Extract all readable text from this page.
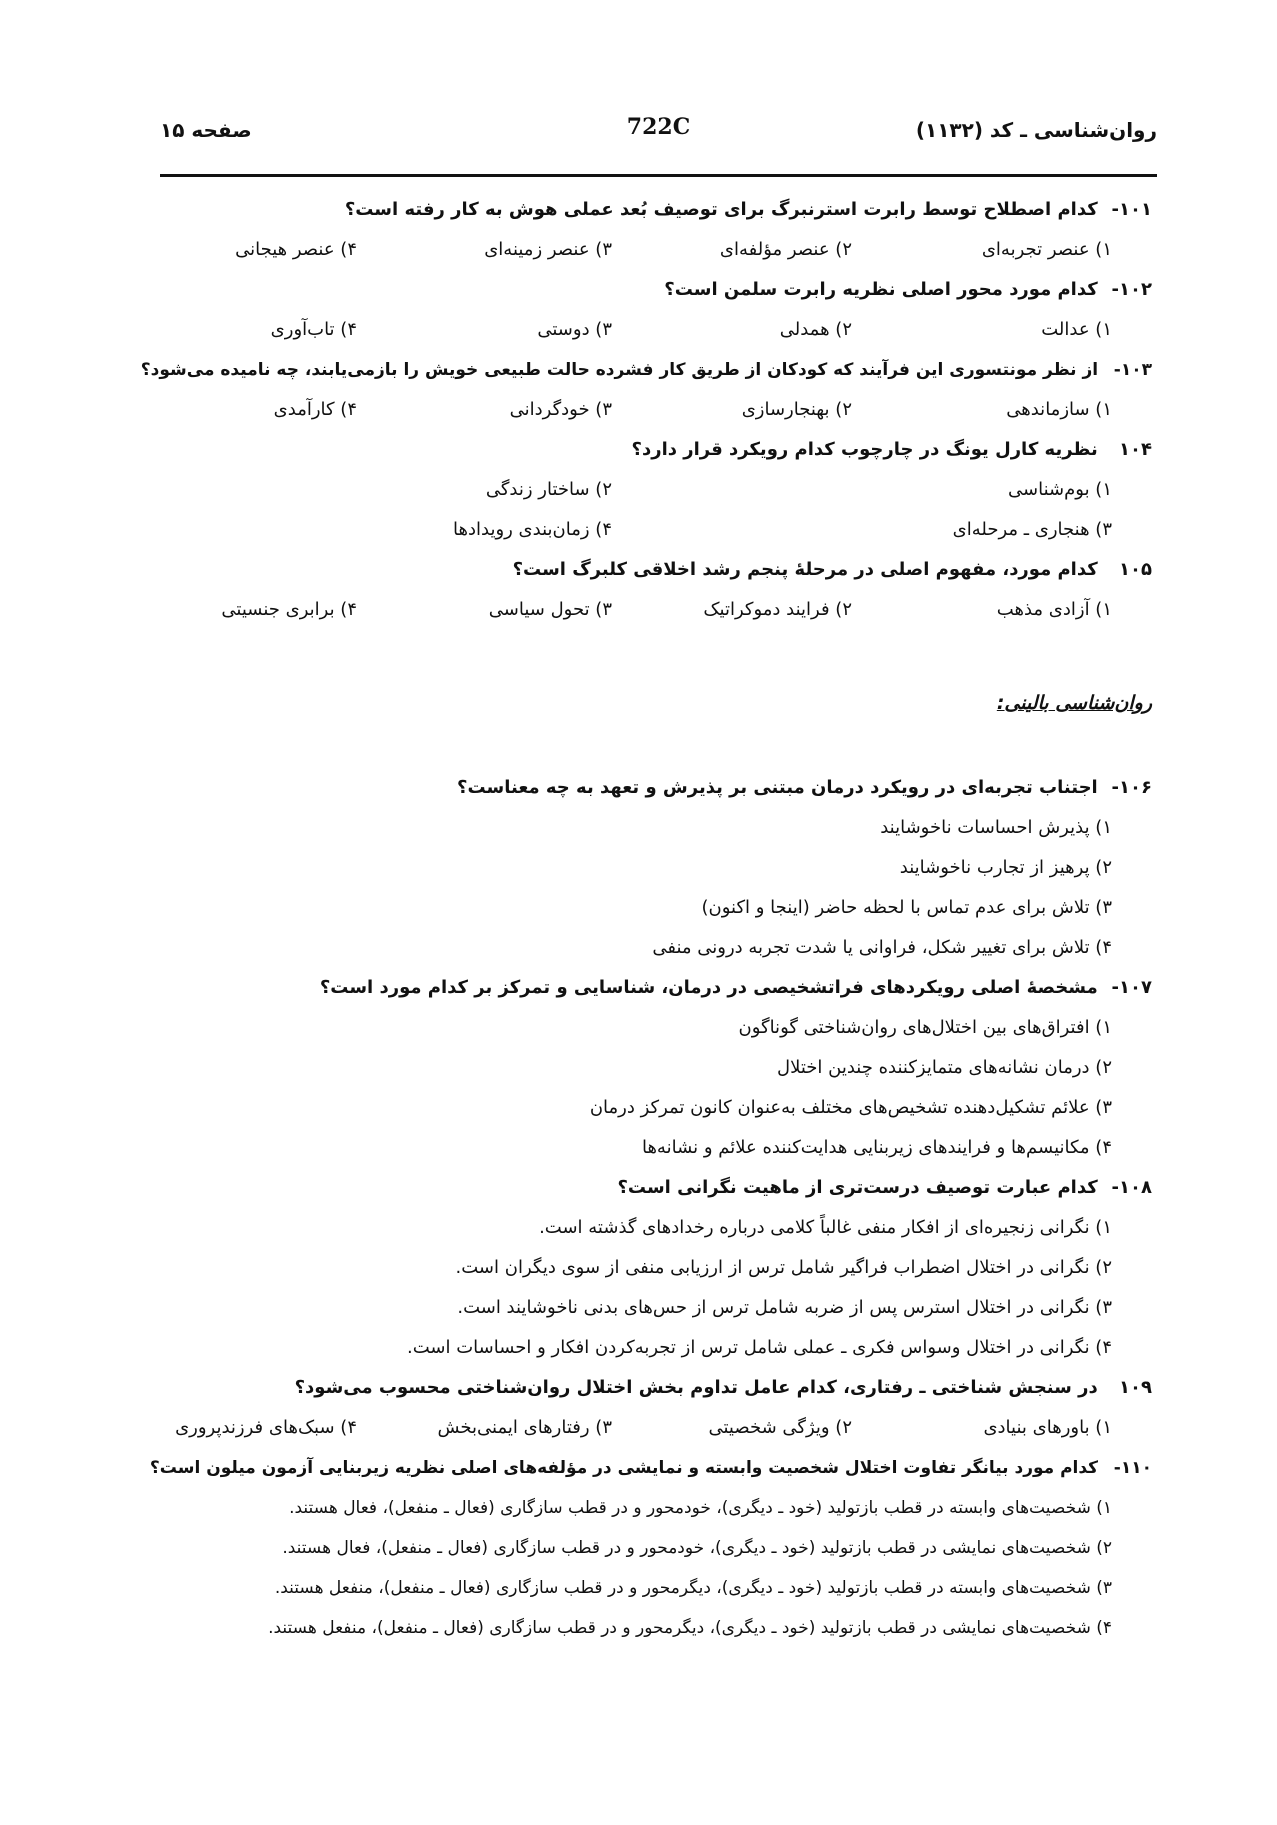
روان‌شناسی ـ کد (۱۱۳۲)
722C
صفحه ۱۵
۱۰۱- کدام اصطلاح توسط رابرت استرنبرگ برای توصیف بُعد عملی هوش به کار رفته است؟
۱) عنصر تجربه‌ای
۲) عنصر مؤلفه‌ای
۳) عنصر زمینه‌ای
۴) عنصر هیجانی
۱۰۲- کدام مورد محور اصلی نظریه رابرت سلمن است؟
۱) عدالت
۲) همدلی
۳) دوستی
۴) تاب‌آوری
۱۰۳- از نظر مونتسوری این فرآیند که کودکان از طریق کار فشرده حالت طبیعی خویش را بازمی‌یابند، چه نامیده می‌شود؟
۱) سازماندهی
۲) بهنجارسازی
۳) خودگردانی
۴) کارآمدی
۱۰۴ نظریه کارل یونگ در چارچوب کدام رویکرد قرار دارد؟
۱) بوم‌شناسی
۲) ساختار زندگی
۳) هنجاری ـ مرحله‌ای
۴) زمان‌بندی رویدادها
۱۰۵ کدام مورد، مفهوم اصلی در مرحلهٔ پنجم رشد اخلاقی کلبرگ است؟
۱) آزادی مذهب
۲) فرایند دموکراتیک
۳) تحول سیاسی
۴) برابری جنسیتی
روان‌شناسی بالینی:
۱۰۶- اجتناب تجربه‌ای در رویکرد درمان مبتنی بر پذیرش و تعهد به چه معناست؟
۱) پذیرش احساسات ناخوشایند
۲) پرهیز از تجارب ناخوشایند
۳) تلاش برای عدم تماس با لحظه حاضر (اینجا و اکنون)
۴) تلاش برای تغییر شکل، فراوانی یا شدت تجربه درونی منفی
۱۰۷- مشخصهٔ اصلی رویکردهای فراتشخیصی در درمان، شناسایی و تمرکز بر کدام مورد است؟
۱) افتراق‌های بین اختلال‌های روان‌شناختی گوناگون
۲) درمان نشانه‌های متمایزکننده چندین اختلال
۳) علائم تشکیل‌دهنده تشخیص‌های مختلف به‌عنوان کانون تمرکز درمان
۴) مکانیسم‌ها و فرایندهای زیربنایی هدایت‌کننده علائم و نشانه‌ها
۱۰۸- کدام عبارت توصیف درست‌تری از ماهیت نگرانی است؟
۱) نگرانی زنجیره‌ای از افکار منفی غالباً کلامی درباره رخدادهای گذشته است.
۲) نگرانی در اختلال اضطراب فراگیر شامل ترس از ارزیابی منفی از سوی دیگران است.
۳) نگرانی در اختلال استرس پس از ضربه شامل ترس از حس‌های بدنی ناخوشایند است.
۴) نگرانی در اختلال وسواس فکری ـ عملی شامل ترس از تجربه‌کردن افکار و احساسات است.
۱۰۹ در سنجش شناختی ـ رفتاری، کدام عامل تداوم بخش اختلال روان‌شناختی محسوب می‌شود؟
۱) باورهای بنیادی
۲) ویژگی شخصیتی
۳) رفتارهای ایمنی‌بخش
۴) سبک‌های فرزندپروری
۱۱۰- کدام مورد بیانگر تفاوت اختلال شخصیت وابسته و نمایشی در مؤلفه‌های اصلی نظریه زیربنایی آزمون میلون است؟
۱) شخصیت‌های وابسته در قطب بازتولید (خود ـ دیگری)، خودمحور و در قطب سازگاری (فعال ـ منفعل)، فعال هستند.
۲) شخصیت‌های نمایشی در قطب بازتولید (خود ـ دیگری)، خودمحور و در قطب سازگاری (فعال ـ منفعل)، فعال هستند.
۳) شخصیت‌های وابسته در قطب بازتولید (خود ـ دیگری)، دیگرمحور و در قطب سازگاری (فعال ـ منفعل)، منفعل هستند.
۴) شخصیت‌های نمایشی در قطب بازتولید (خود ـ دیگری)، دیگرمحور و در قطب سازگاری (فعال ـ منفعل)، منفعل هستند.
